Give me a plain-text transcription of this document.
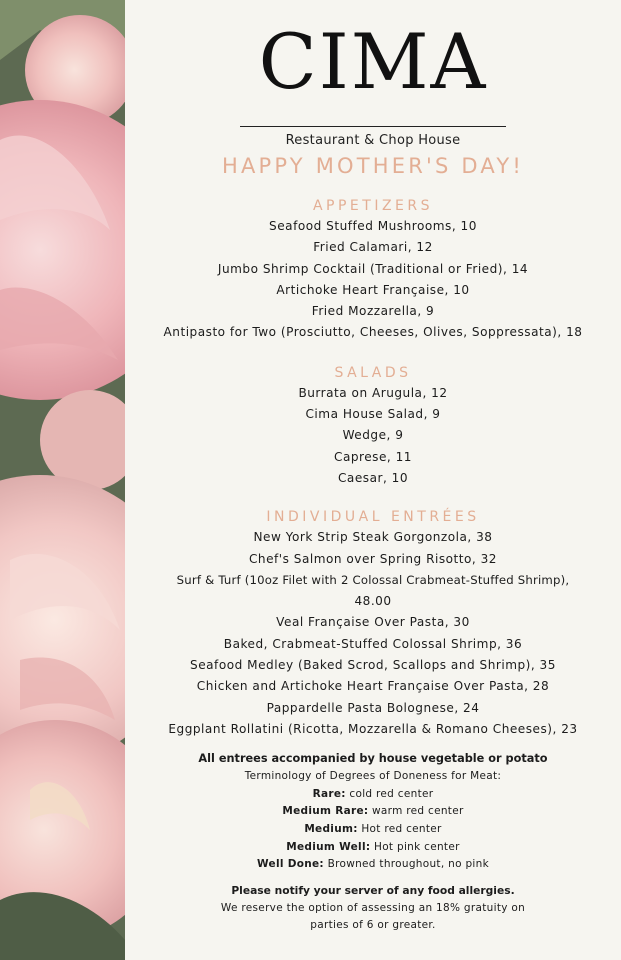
CIMA
Restaurant & Chop House
HAPPY MOTHER'S DAY!
APPETIZERS
Seafood Stuffed Mushrooms, 10
Fried Calamari, 12
Jumbo Shrimp Cocktail (Traditional or Fried), 14
Artichoke Heart Française, 10
Fried Mozzarella, 9
Antipasto for Two (Prosciutto, Cheeses, Olives, Soppressata), 18
SALADS
Burrata on Arugula, 12
Cima House Salad, 9
Wedge, 9
Caprese, 11
Caesar, 10
INDIVIDUAL ENTRÉES
New York Strip Steak Gorgonzola, 38
Chef's Salmon over Spring Risotto, 32
Surf & Turf (10oz Filet with 2 Colossal Crabmeat-Stuffed Shrimp),
48.00
Veal Française Over Pasta, 30
Baked, Crabmeat-Stuffed Colossal Shrimp, 36
Seafood Medley (Baked Scrod, Scallops and Shrimp), 35
Chicken and Artichoke Heart Française Over Pasta, 28
Pappardelle Pasta Bolognese, 24
Eggplant Rollatini (Ricotta, Mozzarella & Romano Cheeses), 23
All entrees accompanied by house vegetable or potato
Terminology of Degrees of Doneness for Meat:
Rare: cold red center
Medium Rare: warm red center
Medium: Hot red center
Medium Well: Hot pink center
Well Done: Browned throughout, no pink
Please notify your server of any food allergies.
We reserve the option of assessing an 18% gratuity on
parties of 6 or greater.
